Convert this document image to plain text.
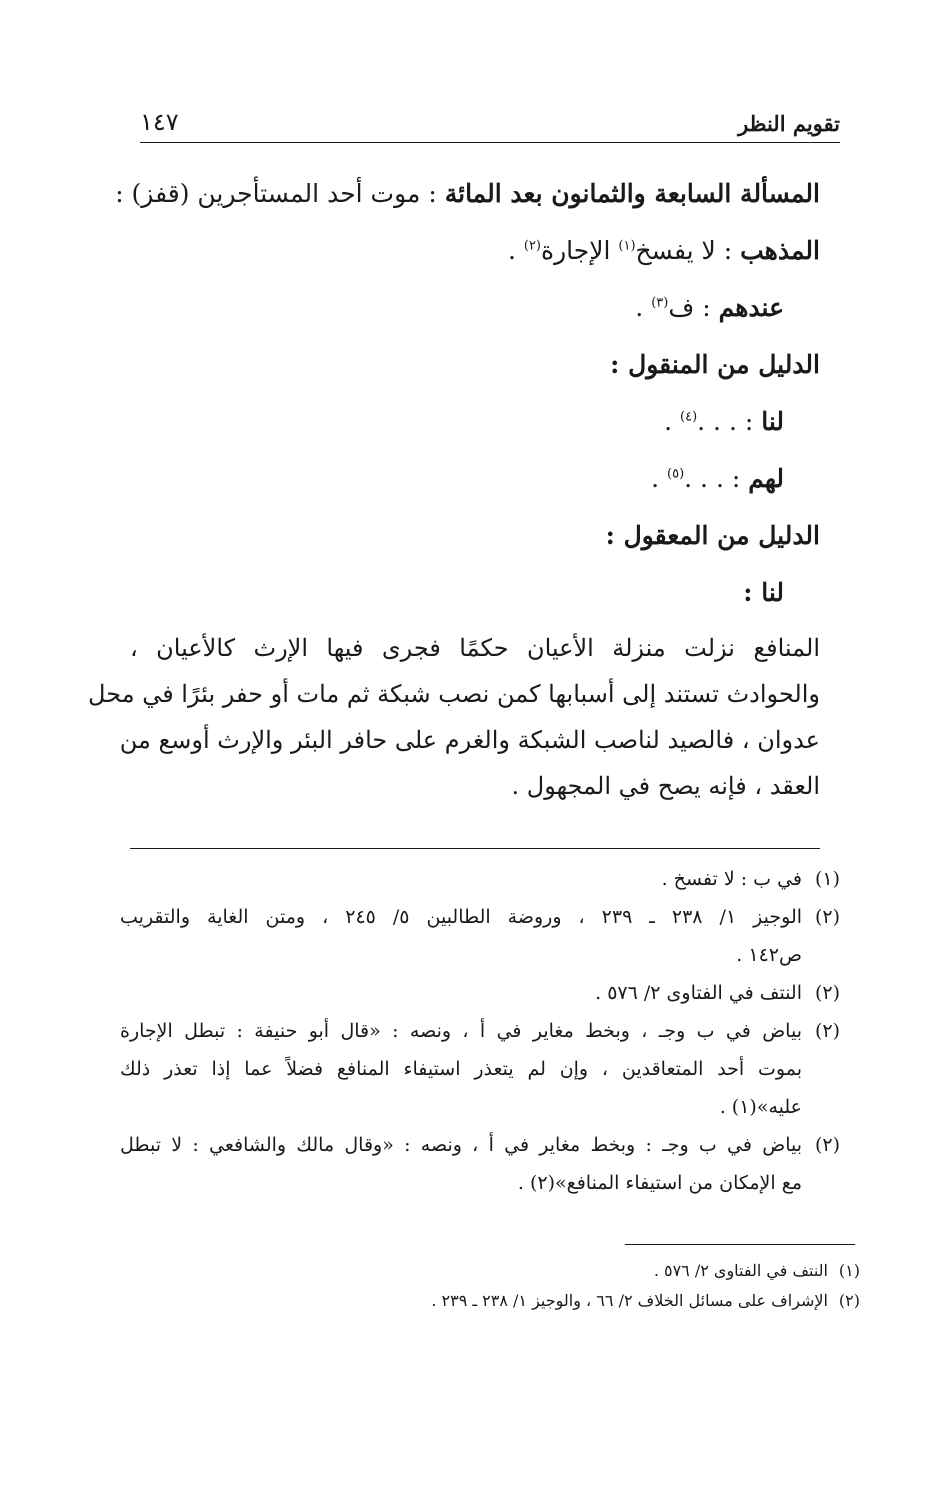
تقويم النظر
١٤٧
المسألة السابعة والثمانون بعد المائة : موت أحد المستأجرين (قفز) :
المذهب : لا يفسخ$^{(١)}$ الإجارة$^{(٢)}$ .
عندهم : ف$^{(٣)}$ .
الدليل من المنقول :
لنا : . . .$^{(٤)}$ .
لهم : . . .$^{(٥)}$ .
الدليل من المعقول :
لنا :
المنافع نزلت منزلة الأعيان حكمًا فجرى فيها الإرث كالأعيان ،
والحوادث تستند إلى أسبابها كمن نصب شبكة ثم مات أو حفر بئرًا في محل
عدوان ، فالصيد لناصب الشبكة والغرم على حافر البئر والإرث أوسع من
العقد ، فإنه يصح في المجهول .
(١)
في ب : لا تفسخ .
(٢)
الوجيز ١/ ٢٣٨ ـ ٢٣٩ ، وروضة الطالبين ٥/ ٢٤٥ ، ومتن الغاية والتقريب
ص١٤٢ .
(٢)
النتف في الفتاوى ٢/ ٥٧٦ .
(٢)
بياض في ب وجـ ، وبخط مغاير في أ ، ونصه : «قال أبو حنيفة : تبطل الإجارة
بموت أحد المتعاقدين ، وإن لم يتعذر استيفاء المنافع فضلاً عما إذا تعذر ذلك
عليه»(١) .
(٢)
بياض في ب وجـ : وبخط مغاير في أ ، ونصه : «وقال مالك والشافعي : لا تبطل
مع الإمكان من استيفاء المنافع»(٢) .
(١)النتف في الفتاوى ٢/ ٥٧٦ .
(٢)الإشراف على مسائل الخلاف ٢/ ٦٦ ، والوجيز ١/ ٢٣٨ ـ ٢٣٩ .
